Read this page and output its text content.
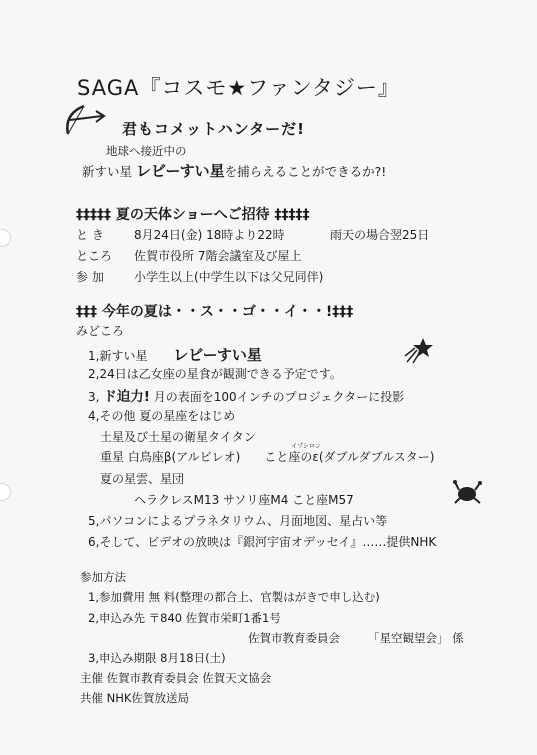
SAGA『コスモ★ファンタジー』
君もコメットハンターだ!
地球へ接近中の
新すい星 レビーすい星を捕らえることができるか?!
‡‡‡‡‡ 夏の天体ショーへご招待 ‡‡‡‡‡
と き	8月24日(金) 18時より22時	雨天の場合翌25日
ところ 佐賀市役所 7階会議室及び屋上
参 加	小学生以上(中学生以下は父兄同伴)
‡‡‡ 今年の夏は・・ス・・ゴ・・イ・・!‡‡‡
みどころ
1,新すい星 レビーすい星
2,24日は乙女座の星食が観測できる予定です。
3, ド迫力! 月の表面を100インチのプロジェクターに投影
4,その他 夏の星座をはじめ
土星及び土星の衛星タイタン
重星 白鳥座β(アルビレオ) こと座のε
イプシロン
(ダブルダブルスター)
夏の星雲、星団
ヘラクレスM13 サソリ座M4 こと座M57
5,パソコンによるプラネタリウム、月面地図、星占い等
6,そして、ビデオの放映は『銀河宇宙オデッセイ』……提供NHK
参加方法
1,参加費用 無 料(整理の都合上、官製はがきで申し込む)
2,申込み先 〒840 佐賀市栄町1番1号
佐賀市教育委員会 「星空観望会」 係
3,申込み期限 8月18日(土)
主催 佐賀市教育委員会 佐賀天文協会
共催 NHK佐賀放送局
